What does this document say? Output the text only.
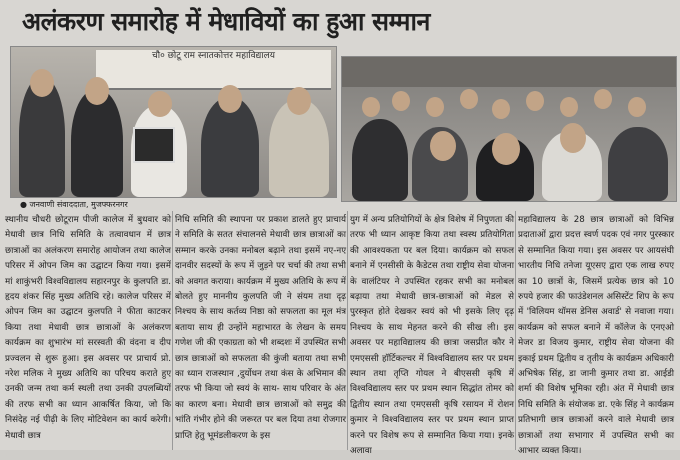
अलंकरण समारोह में मेधावियों का हुआ सम्मान
चौ० छोटू राम स्नातकोत्तर महाविद्यालय
● जनवाणी संवाददाता, मुजफ्फरनगर

स्थानीय चौधरी छोटूराम पीजी कालेज में बुधवार को मेधावी छात्र निधि समिति के तत्वावधान में छात्र छात्राओं का अलंकरण समारोह आयोजन तथा कालेज परिसर में ओपन जिम का उद्घाटन किया गया। इसमें मां शाकुंभरी विश्वविद्यालय सहारनपुर के कुलपति डा. हृदय शंकर सिंह मुख्य अतिथि रहे। कालेज परिसर में ओपन जिम का उद्घाटन कुलपति ने फीता काटकर किया तथा मेधावी छात्र छात्राओं के अलंकरण कार्यक्रम का शुभारंभ मां सरस्वती की वंदना व दीप प्रज्वलन से शुरू हुआ। इस अवसर पर प्राचार्य प्रो. नरेश मलिक ने मुख्य अतिथि का परिचय कराते हुए उनकी जन्म तथा कर्म स्थली तथा उनकी उपलब्धियों की तरफ सभी का ध्यान आकर्षित किया, जो कि निसंदेह नई पीढ़ी के लिए मोटिवेशन का कार्य करेगी। मेधावी छात्र

निधि समिति की स्थापना पर प्रकाश डालते हुए प्राचार्य ने समिति के सतत संचालनसे मेधावी छात्र छात्राओं का सम्मान करके उनका मनोबल बढ़ाने तथा इसमें नए-नए दानवीर सदस्यों के रूप में जुड़ने पर चर्चा की तथा सभी को अवगत कराया। कार्यक्रम में मुख्य अतिथि के रूप में बोलते हुए माननीय कुलपति जी ने संयम तथा दृढ़ निश्चय के साथ कर्तव्य निष्ठा को सफलता का मूल मंत्र बताया साथ ही उन्होंने महाभारत के लेखन के समय गणेश जी की एकाग्रता को भी शब्दशः में उपस्थित सभी छात्र छात्राओं को सफलता की कुंजी बताया तथा सभी का ध्यान राजस्थान ,दुर्योधन तथा कंस के अभिमान की तरफ भी किया जो स्वयं के साथ- साथ परिवार के अंत का कारण बना। मेधावी छात्र छात्राओं को समुद्र की भांति गंभीर होने की जरूरत पर बल दिया तथा रोजगार प्राप्ति हेतु भूमंडलीकरण के इस

युग में अन्य प्रतियोगियों के क्षेत्र विशेष में निपुणता की तरफ भी ध्यान आकृष्ट किया तथा स्वस्थ प्रतियोगिता की आवश्यकता पर बल दिया। कार्यक्रम को सफल बनाने में एनसीसी के कैडेटस तथा राष्ट्रीय सेवा योजना के वालंटियर ने उपस्थित रहकर सभी का मनोबल बढ़ाया तथा मेधावी छात्र-छात्राओं को मेडल से पुरस्कृत होते देखकर स्वयं को भी इसके लिए दृढ़ निश्चय के साथ मेहनत करने की सीख ली। इस अवसर पर महाविद्यालय की छात्रा जसप्रीत कौर ने एमएससी हॉर्टिकल्चर में विश्वविद्यालय स्तर पर प्रथम स्थान तथा तृप्ति गोयल ने बीएससी कृषि में विश्वविद्यालय स्तर पर प्रथम स्थान सिद्धांत तोमर को द्वितीय स्थान तथा एमएससी कृषि रसायन में रोशन कुमार ने विश्वविद्यालय स्तर पर प्रथम स्थान प्राप्त करने पर विशेष रूप से सम्मानित किया गया। इनके अलावा

महाविद्यालय के 28 छात्र छात्राओं को विभिन्न प्रदाताओं द्वारा प्रदत्त स्वर्ण पदक एवं नगर पुरस्कार से सम्मानित किया गया। इस अवसर पर आयसंघी भारतीय निधि तनेजा यूएसए द्वारा एक लाख रुपए का 10 छात्रों के, जिसमें प्रत्येक छात्र को 10 रुपये हजार की फाउंडेशनल असिस्टेंट शिप के रूप में 'विलियम थॉमस डेनिस अवार्ड' से नवाजा गया। कार्यक्रम को सफल बनाने में कॉलेज के एनएओ मेजर डा विजय कुमार, राष्ट्रीय सेवा योजना की इकाई प्रथम द्वितीय व तृतीय के कार्यक्रम अधिकारी अभिषेक सिंह, डा जानी कुमार तथा डा. आईडी शर्मा की विशेष भूमिका रही। अंत में मेधावी छात्र निधि समिति के संयोजक डा. एके सिंह ने कार्यक्रम प्रतिभागी छात्र छात्राओं करने वाले मेधावी छात्र छात्राओं तथा सभागार में उपस्थित सभी का आभार व्यक्त किया।
